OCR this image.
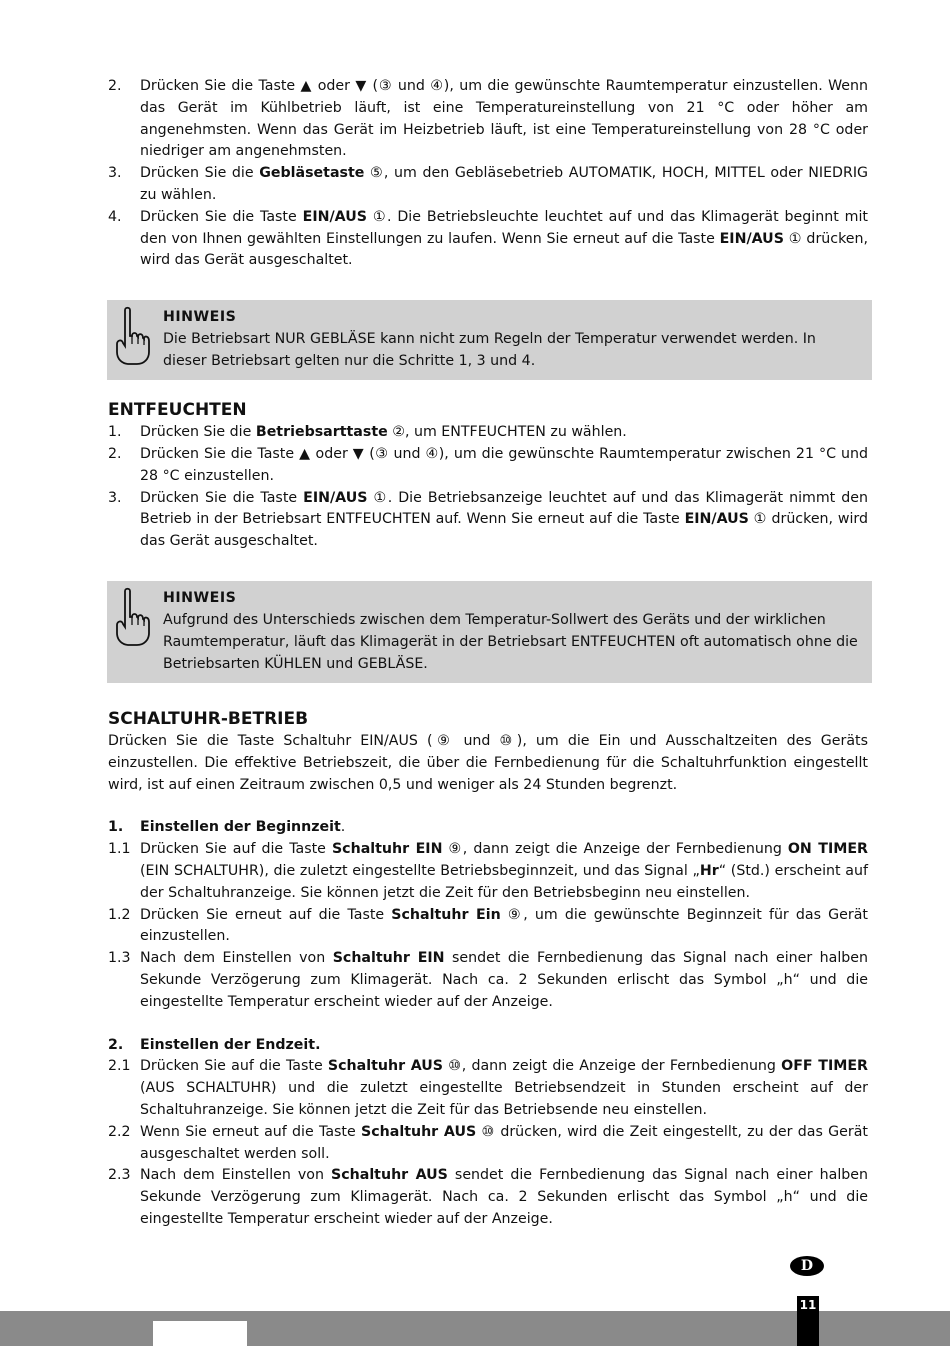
2.	Drücken Sie die Taste ▲ oder ▼ (③ und ④), um die gewünschte Raumtemperatur einzustellen. Wenn das Gerät im Kühlbetrieb läuft, ist eine Temperatureinstellung von 21 °C oder höher am angenehmsten. Wenn das Gerät im Heizbetrieb läuft, ist eine Temperatureinstellung von 28 °C oder niedriger am angenehmsten.
3.	Drücken Sie die Gebläsetaste ⑤, um den Gebläsebetrieb AUTOMATIK, HOCH, MITTEL oder NIEDRIG zu wählen.
4.	Drücken Sie die Taste EIN/AUS ①. Die Betriebsleuchte leuchtet auf und das Klimagerät beginnt mit den von Ihnen gewählten Einstellungen zu laufen. Wenn Sie erneut auf die Taste EIN/AUS ① drücken, wird das Gerät ausgeschaltet.
HINWEIS
Die Betriebsart NUR GEBLÄSE kann nicht zum Regeln der Temperatur verwendet werden. In dieser Betriebsart gelten nur die Schritte 1, 3 und 4.
ENTFEUCHTEN
1.	Drücken Sie die Betriebsarttaste ②, um ENTFEUCHTEN zu wählen.
2.	Drücken Sie die Taste ▲ oder ▼ (③ und ④), um die gewünschte Raumtemperatur zwischen 21 °C und 28 °C einzustellen.
3.	Drücken Sie die Taste EIN/AUS ①. Die Betriebsanzeige leuchtet auf und das Klimagerät nimmt den Betrieb in der Betriebsart ENTFEUCHTEN auf. Wenn Sie erneut auf die Taste EIN/AUS ① drücken, wird das Gerät ausgeschaltet.
HINWEIS
Aufgrund des Unterschieds zwischen dem Temperatur-Sollwert des Geräts und der wirklichen Raumtemperatur, läuft das Klimagerät in der Betriebsart ENTFEUCHTEN oft automatisch ohne die Betriebsarten KÜHLEN und GEBLÄSE.
SCHALTUHR-BETRIEB
Drücken Sie die Taste Schaltuhr EIN/AUS (⑨ und ⑩), um die Ein und Ausschaltzeiten des Geräts einzustellen. Die effektive Betriebszeit, die über die Fernbedienung für die Schaltuhrfunktion eingestellt wird, ist auf einen Zeitraum zwischen 0,5 und weniger als 24 Stunden begrenzt.
1.	Einstellen der Beginnzeit.
1.1 Drücken Sie auf die Taste Schaltuhr EIN ⑨, dann zeigt die Anzeige der Fernbedienung ON TIMER (EIN SCHALTUHR), die zuletzt eingestellte Betriebsbeginnzeit, und das Signal „Hr“ (Std.) erscheint auf der Schaltuhranzeige. Sie können jetzt die Zeit für den Betriebsbeginn neu einstellen.
1.2 Drücken Sie erneut auf die Taste Schaltuhr Ein ⑨, um die gewünschte Beginnzeit für das Gerät einzustellen.
1.3 Nach dem Einstellen von Schaltuhr EIN sendet die Fernbedienung das Signal nach einer halben Sekunde Verzögerung zum Klimagerät. Nach ca. 2 Sekunden erlischt das Symbol „h“ und die eingestellte Temperatur erscheint wieder auf der Anzeige.
2.	Einstellen der Endzeit.
2.1 Drücken Sie auf die Taste Schaltuhr AUS ⑩, dann zeigt die Anzeige der Fernbedienung OFF TIMER (AUS SCHALTUHR) und die zuletzt eingestellte Betriebsendzeit in Stunden erscheint auf der Schaltuhranzeige. Sie können jetzt die Zeit für das Betriebsende neu einstellen.
2.2 Wenn Sie erneut auf die Taste Schaltuhr AUS ⑩ drücken, wird die Zeit eingestellt, zu der das Gerät ausgeschaltet werden soll.
2.3 Nach dem Einstellen von Schaltuhr AUS sendet die Fernbedienung das Signal nach einer halben Sekunde Verzögerung zum Klimagerät. Nach ca. 2 Sekunden erlischt das Symbol „h“ und die eingestellte Temperatur erscheint wieder auf der Anzeige.
D
11
